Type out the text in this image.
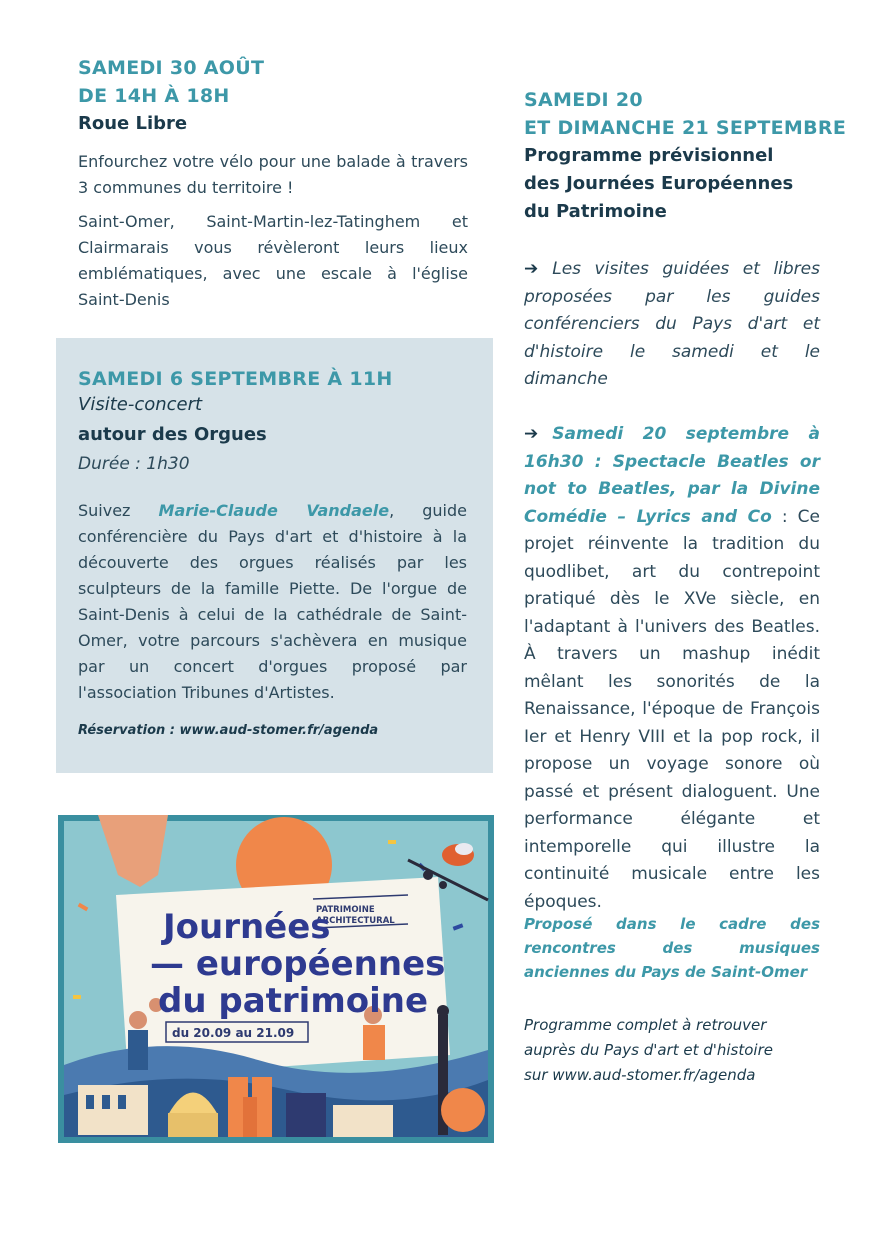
SAMEDI 30 AOÛT
DE 14H À 18H
Roue Libre
Enfourchez votre vélo pour une balade à travers 3 communes du territoire !
Saint-Omer, Saint-Martin-lez-Tatinghem et Clairmarais vous révèleront leurs lieux emblématiques, avec une escale à l'église Saint-Denis
SAMEDI 6 SEPTEMBRE À 11H
Visite-concert
autour des Orgues
Durée : 1h30
Suivez Marie-Claude Vandaele, guide conférencière du Pays d'art et d'histoire à la découverte des orgues réalisés par les sculpteurs de la famille Piette. De l'orgue de Saint-Denis à celui de la cathédrale de Saint-Omer, votre parcours s'achèvera en musique par un concert d'orgues proposé par l'association Tribunes d'Artistes.
Réservation : www.aud-stomer.fr/agenda
PATRIMOINE
ARCHITECTURAL
Journées
— européennes
du patrimoine
du 20.09 au 21.09
SAMEDI 20
ET DIMANCHE 21 SEPTEMBRE
Programme prévisionnel
des Journées Européennes
du Patrimoine
➔ Les visites guidées et libres proposées par les guides conférenciers du Pays d'art et d'histoire le samedi et le dimanche
➔ Samedi 20 septembre à 16h30 : Spectacle Beatles or not to Beatles, par la Divine Comédie – Lyrics and Co : Ce projet réinvente la tradition du quodlibet, art du contrepoint pratiqué dès le XVe siècle, en l'adaptant à l'univers des Beatles. À travers un mashup inédit mêlant les sonorités de la Renaissance, l'époque de François Ier et Henry VIII et la pop rock, il propose un voyage sonore où passé et présent dialoguent. Une performance élégante et intemporelle qui illustre la continuité musicale entre les époques.
Proposé dans le cadre des rencontres des musiques anciennes du Pays de Saint-Omer
Programme complet à retrouver
auprès du Pays d'art et d'histoire
sur www.aud-stomer.fr/agenda
